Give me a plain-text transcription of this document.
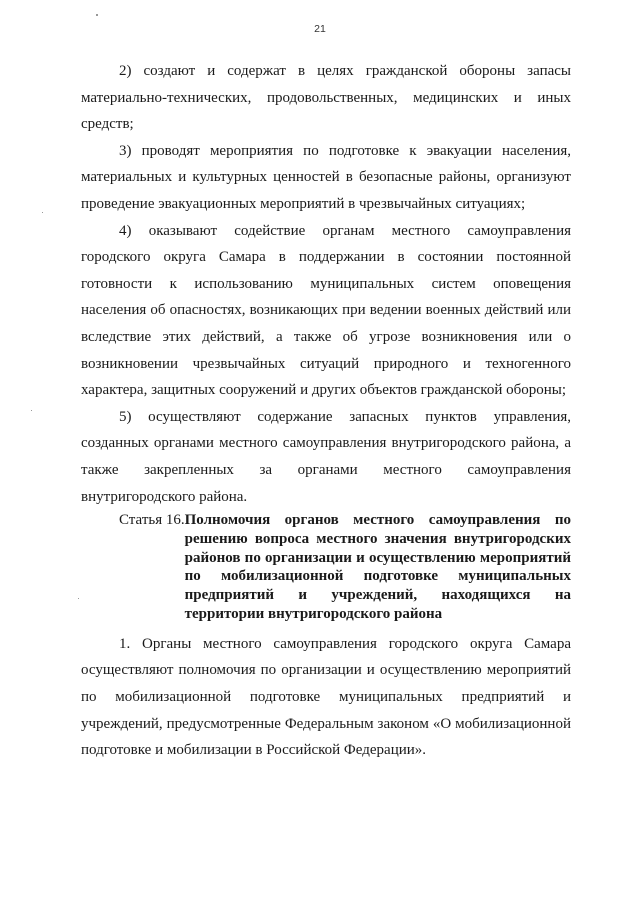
21

2) создают и содержат в целях гражданской обороны запасы материально-технических, продовольственных, медицинских и иных средств;

3) проводят мероприятия по подготовке к эвакуации населения, материальных и культурных ценностей в безопасные районы, организуют проведение эвакуационных мероприятий в чрезвычайных ситуациях;

4) оказывают содействие органам местного самоуправления городского округа Самара в поддержании в состоянии постоянной готовности к использованию муниципальных систем оповещения населения об опасностях, возникающих при ведении военных действий или вследствие этих действий, а также об угрозе возникновения или о возникновении чрезвычайных ситуаций природного и техногенного характера, защитных сооружений и других объектов гражданской обороны;

5) осуществляют содержание запасных пунктов управления, созданных органами местного самоуправления внутригородского района, а также закрепленных за органами местного самоуправления внутригородского района.

Статья 16. Полномочия органов местного самоуправления по решению вопроса местного значения внутригородских районов по организации и осуществлению мероприятий по мобилизационной подготовке муниципальных предприятий и учреждений, находящихся на территории внутригородского района

1. Органы местного самоуправления городского округа Самара осуществляют полномочия по организации и осуществлению мероприятий по мобилизационной подготовке муниципальных предприятий и учреждений, предусмотренные Федеральным законом «О мобилизационной подготовке и мобилизации в Российской Федерации».
